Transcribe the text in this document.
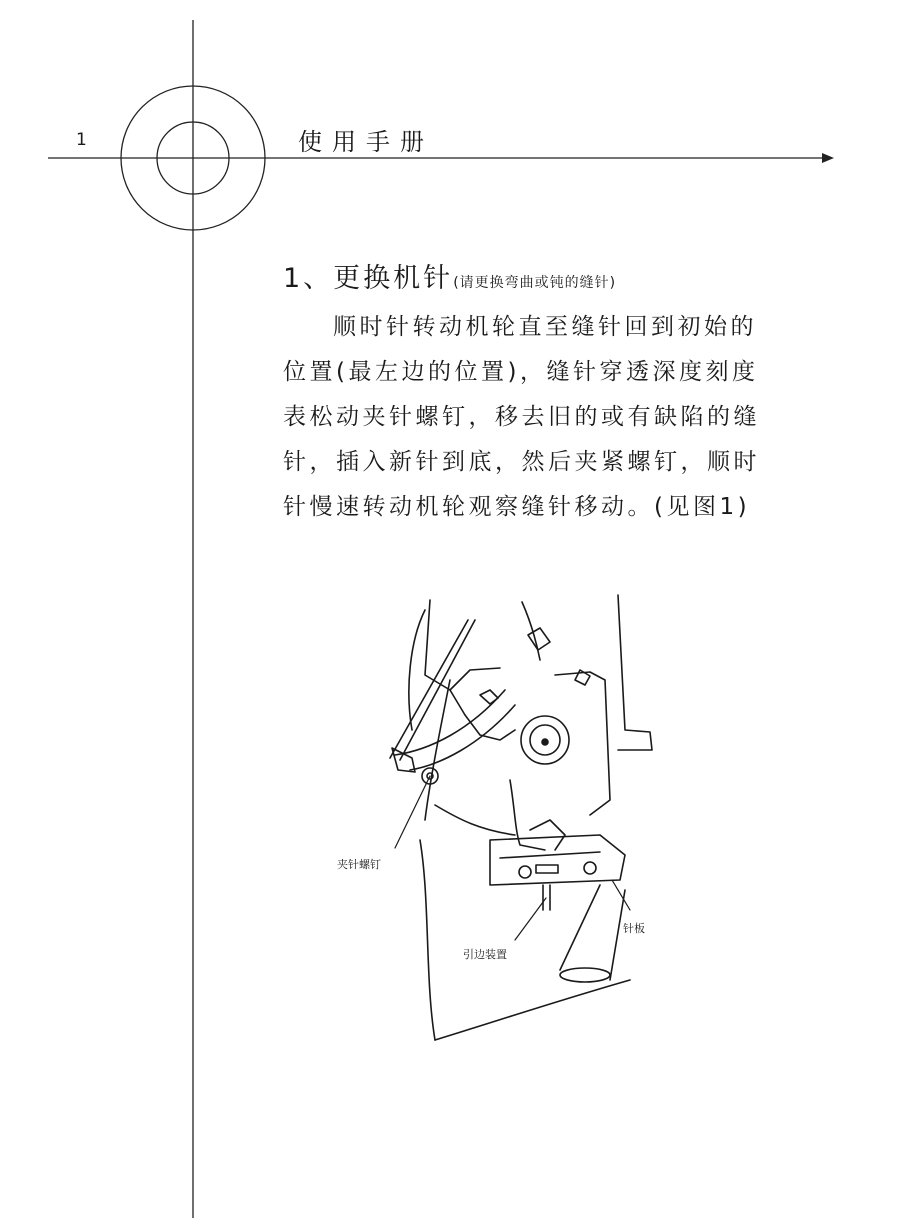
1	使用手册
1、更换机针(请更换弯曲或钝的缝针)
顺时针转动机轮直至缝针回到初始的
位置(最左边的位置)，缝针穿透深度刻度
表松动夹针螺钉，移去旧的或有缺陷的缝
针，插入新针到底，然后夹紧螺钉，顺时
针慢速转动机轮观察缝针移动。(见图1)
夹针螺钉
引边装置
针板
